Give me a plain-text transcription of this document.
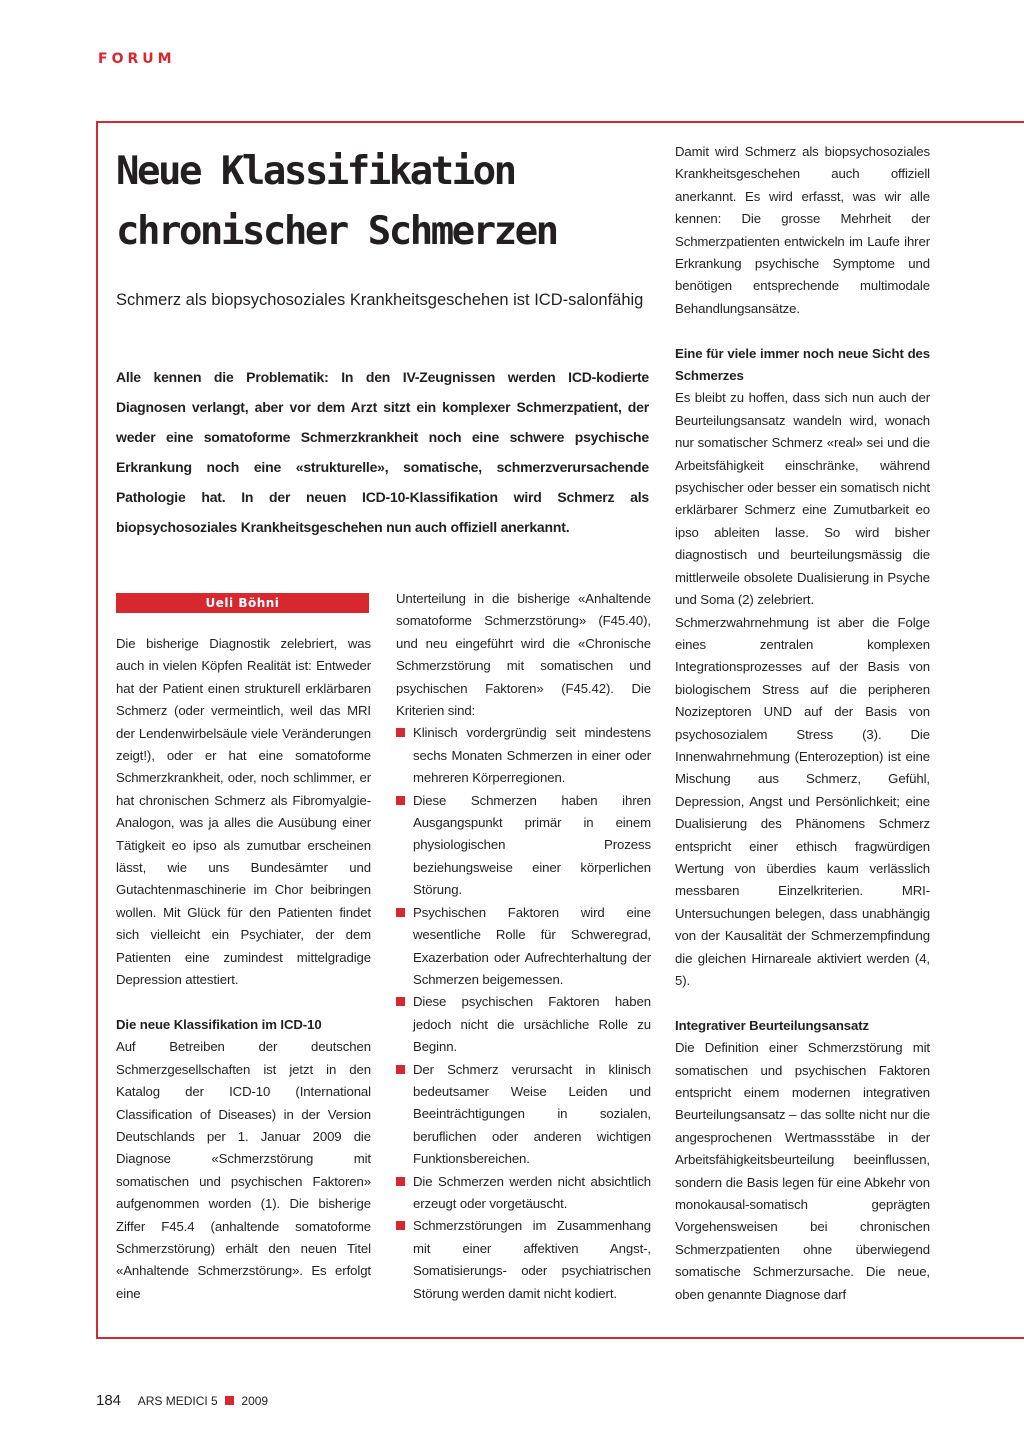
FORUM
Neue Klassifikation
chronischer Schmerzen

Schmerz als biopsychosoziales Krankheitsgeschehen ist ICD-salonfähig

Alle kennen die Problematik: In den IV-Zeugnissen werden ICD-kodierte Diagnosen verlangt, aber vor dem Arzt sitzt ein komplexer Schmerzpatient, der weder eine somatoforme Schmerzkrankheit noch eine schwere psychische Erkrankung noch eine «strukturelle», somatische, schmerzverursachende Pathologie hat. In der neuen ICD-10-Klassifikation wird Schmerz als biopsychosoziales Krankheitsgeschehen nun auch offiziell anerkannt.

Ueli Böhni

Die bisherige Diagnostik zelebriert, was auch in vielen Köpfen Realität ist: Entweder hat der Patient einen strukturell erklärbaren Schmerz (oder vermeintlich, weil das MRI der Lendenwirbelsäule viele Veränderungen zeigt!), oder er hat eine somatoforme Schmerzkrankheit, oder, noch schlimmer, er hat chronischen Schmerz als Fibromyalgie-Analogon, was ja alles die Ausübung einer Tätigkeit eo ipso als zumutbar erscheinen lässt, wie uns Bundesämter und Gutachtenmaschinerie im Chor beibringen wollen. Mit Glück für den Patienten findet sich vielleicht ein Psychiater, der dem Patienten eine zumindest mittelgradige Depression attestiert.

Die neue Klassifikation im ICD-10

Auf Betreiben der deutschen Schmerzgesellschaften ist jetzt in den Katalog der ICD-10 (International Classification of Diseases) in der Version Deutschlands per 1. Januar 2009 die Diagnose «Schmerzstörung mit somatischen und psychischen Faktoren» aufgenommen worden (1). Die bisherige Ziffer F45.4 (anhaltende somatoforme Schmerzstörung) erhält den neuen Titel «Anhaltende Schmerzstörung». Es erfolgt eine

Unterteilung in die bisherige «Anhaltende somatoforme Schmerzstörung» (F45.40), und neu eingeführt wird die «Chronische Schmerzstörung mit somatischen und psychischen Faktoren» (F45.42). Die Kriterien sind:

Klinisch vordergründig seit mindestens sechs Monaten Schmerzen in einer oder mehreren Körperregionen.
Diese Schmerzen haben ihren Ausgangspunkt primär in einem physiologischen Prozess beziehungsweise einer körperlichen Störung.
Psychischen Faktoren wird eine wesentliche Rolle für Schweregrad, Exazerbation oder Aufrechterhaltung der Schmerzen beigemessen.
Diese psychischen Faktoren haben jedoch nicht die ursächliche Rolle zu Beginn.
Der Schmerz verursacht in klinisch bedeutsamer Weise Leiden und Beeinträchtigungen in sozialen, beruflichen oder anderen wichtigen Funktionsbereichen.
Die Schmerzen werden nicht absichtlich erzeugt oder vorgetäuscht.
Schmerzstörungen im Zusammenhang mit einer affektiven Angst-, Somatisierungs- oder psychiatrischen Störung werden damit nicht kodiert.

Damit wird Schmerz als biopsychosoziales Krankheitsgeschehen auch offiziell anerkannt. Es wird erfasst, was wir alle kennen: Die grosse Mehrheit der Schmerzpatienten entwickeln im Laufe ihrer Erkrankung psychische Symptome und benötigen entsprechende multimodale Behandlungsansätze.

Eine für viele immer noch neue Sicht des Schmerzes

Es bleibt zu hoffen, dass sich nun auch der Beurteilungsansatz wandeln wird, wonach nur somatischer Schmerz «real» sei und die Arbeitsfähigkeit einschränke, während psychischer oder besser ein somatisch nicht erklärbarer Schmerz eine Zumutbarkeit eo ipso ableiten lasse. So wird bisher diagnostisch und beurteilungsmässig die mittlerweile obsolete Dualisierung in Psyche und Soma (2) zelebriert.

Schmerzwahrnehmung ist aber die Folge eines zentralen komplexen Integrationsprozesses auf der Basis von biologischem Stress auf die peripheren Nozizeptoren UND auf der Basis von psychosozialem Stress (3). Die Innenwahrnehmung (Enterozeption) ist eine Mischung aus Schmerz, Gefühl, Depression, Angst und Persönlichkeit; eine Dualisierung des Phänomens Schmerz entspricht einer ethisch fragwürdigen Wertung von überdies kaum verlässlich messbaren Einzelkriterien. MRI-Untersuchungen belegen, dass unabhängig von der Kausalität der Schmerzempfindung die gleichen Hirnareale aktiviert werden (4, 5).

Integrativer Beurteilungsansatz

Die Definition einer Schmerzstörung mit somatischen und psychischen Faktoren entspricht einem modernen integrativen Beurteilungsansatz – das sollte nicht nur die angesprochenen Wertmassstäbe in der Arbeitsfähigkeitsbeurteilung beeinflussen, sondern die Basis legen für eine Abkehr von monokausal-somatisch geprägten Vorgehensweisen bei chronischen Schmerzpatienten ohne überwiegend somatische Schmerzursache. Die neue, oben genannte Diagnose darf

184 ARS MEDICI 5 2009
